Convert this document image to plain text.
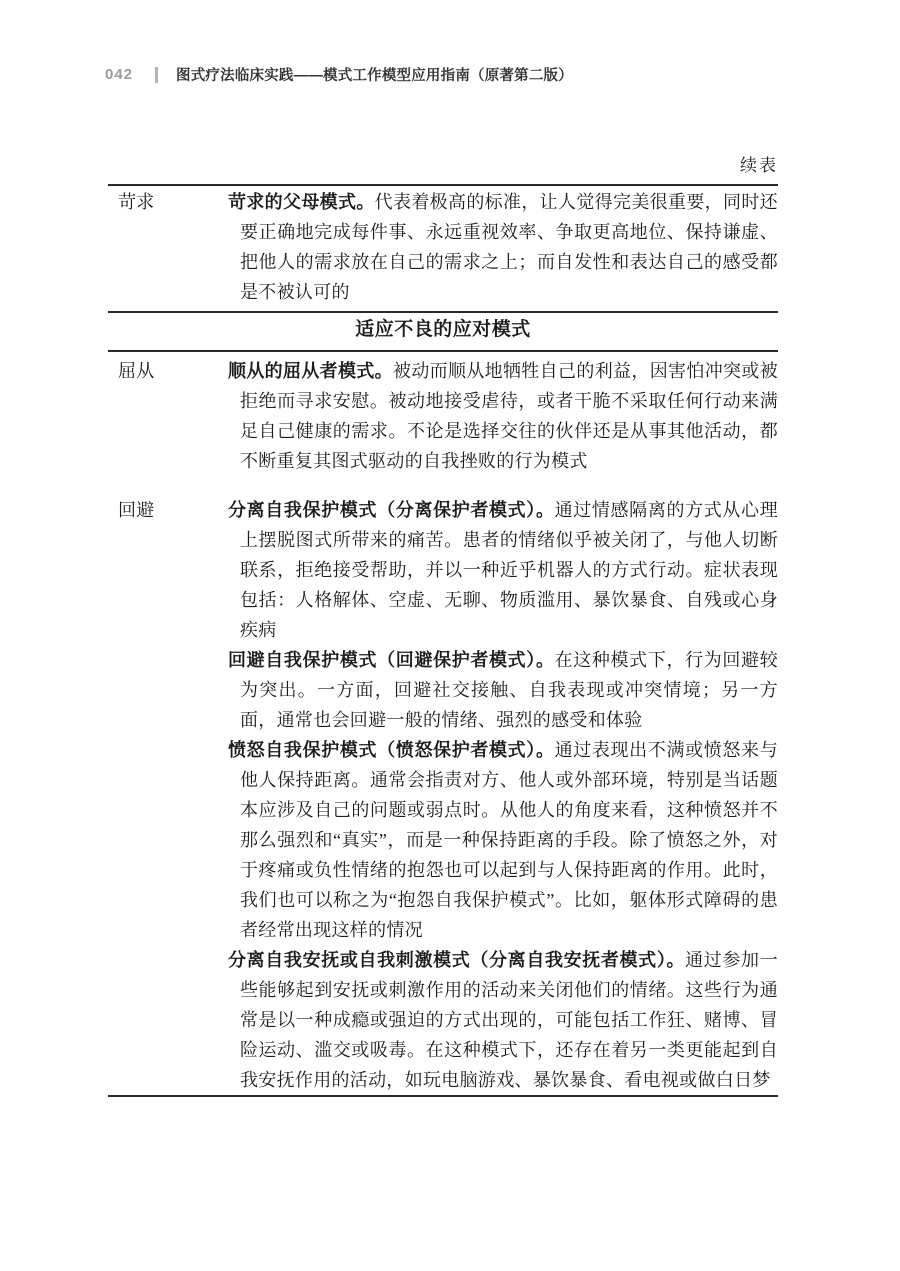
042	图式疗法临床实践——模式工作模型应用指南（原著第二版）
续表
苛求	苛求的父母模式。代表着极高的标准，让人觉得完美很重要，同时还要正确地完成每件事、永远重视效率、争取更高地位、保持谦虚、把他人的需求放在自己的需求之上；而自发性和表达自己的感受都是不被认可的

适应不良的应对模式
屈从	顺从的屈从者模式。被动而顺从地牺牲自己的利益，因害怕冲突或被拒绝而寻求安慰。被动地接受虐待，或者干脆不采取任何行动来满足自己健康的需求。不论是选择交往的伙伴还是从事其他活动，都不断重复其图式驱动的自我挫败的行为模式

回避	分离自我保护模式（分离保护者模式）。通过情感隔离的方式从心理上摆脱图式所带来的痛苦。患者的情绪似乎被关闭了，与他人切断联系，拒绝接受帮助，并以一种近乎机器人的方式行动。症状表现包括：人格解体、空虚、无聊、物质滥用、暴饮暴食、自残或心身疾病

回避自我保护模式（回避保护者模式）。在这种模式下，行为回避较为突出。一方面，回避社交接触、自我表现或冲突情境；另一方面，通常也会回避一般的情绪、强烈的感受和体验

愤怒自我保护模式（愤怒保护者模式）。通过表现出不满或愤怒来与他人保持距离。通常会指责对方、他人或外部环境，特别是当话题本应涉及自己的问题或弱点时。从他人的角度来看，这种愤怒并不那么强烈和“真实”，而是一种保持距离的手段。除了愤怒之外，对于疼痛或负性情绪的抱怨也可以起到与人保持距离的作用。此时，我们也可以称之为“抱怨自我保护模式”。比如，躯体形式障碍的患者经常出现这样的情况

分离自我安抚或自我刺激模式（分离自我安抚者模式）。通过参加一些能够起到安抚或刺激作用的活动来关闭他们的情绪。这些行为通常是以一种成瘾或强迫的方式出现的，可能包括工作狂、赌博、冒险运动、滥交或吸毒。在这种模式下，还存在着另一类更能起到自我安抚作用的活动，如玩电脑游戏、暴饮暴食、看电视或做白日梦
